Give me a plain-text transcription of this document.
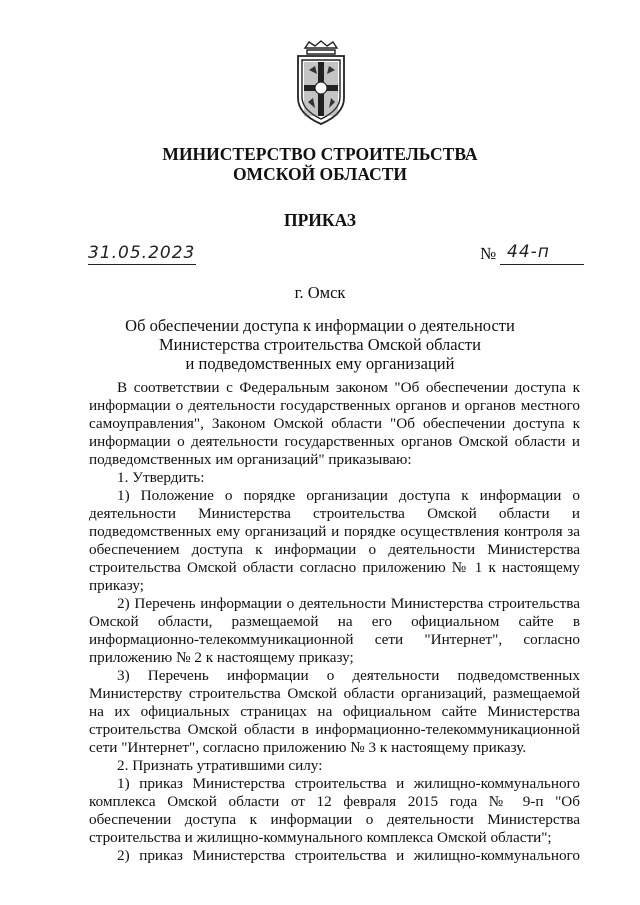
МИНИСТЕРСТВО СТРОИТЕЛЬСТВА
ОМСКОЙ ОБЛАСТИ
ПРИКАЗ
31.05.2023	№ 44-п
г. Омск
Об обеспечении доступа к информации о деятельности
Министерства строительства Омской области
и подведомственных ему организаций

В соответствии с Федеральным законом "Об обеспечении доступа к информации о деятельности государственных органов и органов местного самоуправления", Законом Омской области "Об обеспечении доступа к информации о деятельности государственных органов Омской области и подведомственных им организаций" приказываю:

1. Утвердить:

1) Положение о порядке организации доступа к информации о деятельности Министерства строительства Омской области и подведомственных ему организаций и порядке осуществления контроля за обеспечением доступа к информации о деятельности Министерства строительства Омской области согласно приложению № 1 к настоящему приказу;

2) Перечень информации о деятельности Министерства строительства Омской области, размещаемой на его официальном сайте в информационно-телекоммуникационной сети "Интернет", согласно приложению № 2 к настоящему приказу;

3) Перечень информации о деятельности подведомственных Министерству строительства Омской области организаций, размещаемой на их официальных страницах на официальном сайте Министерства строительства Омской области в информационно-телекоммуникационной сети "Интернет", согласно приложению № 3 к настоящему приказу.

2. Признать утратившими силу:

1) приказ Министерства строительства и жилищно-коммунального комплекса Омской области от 12 февраля 2015 года № 9-п "Об обеспечении доступа к информации о деятельности Министерства строительства и жилищно-коммунального комплекса Омской области";

2) приказ Министерства строительства и жилищно-коммунального
